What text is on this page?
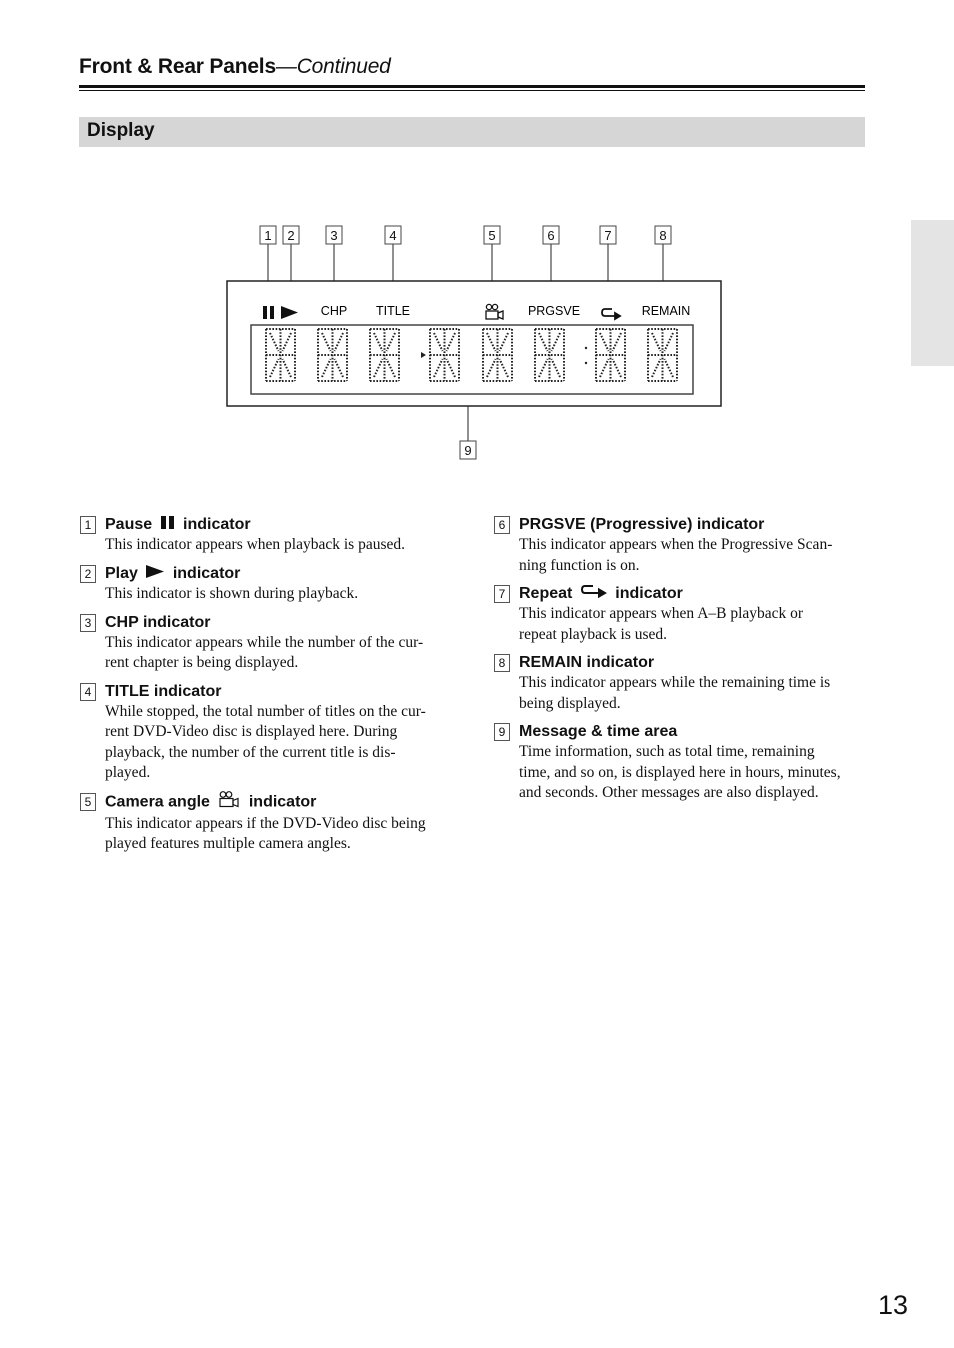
Front & Rear Panels—Continued
Display
1 2	3	4	5	6	7	8
9
CHP TITLE	PRGSVE	REMAIN
1 Pause indicator
This indicator appears when playback is paused.
2 Play indicator
This indicator is shown during playback.
3 CHP indicator
This indicator appears while the number of the cur-
rent chapter is being displayed.
4 TITLE indicator
While stopped, the total number of titles on the cur-
rent DVD-Video disc is displayed here. During
playback, the number of the current title is dis-
played.
5 Camera angle indicator
This indicator appears if the DVD-Video disc being
played features multiple camera angles.
6 PRGSVE (Progressive) indicator
This indicator appears when the Progressive Scan-
ning function is on.
7 Repeat	indicator
This indicator appears when A–B playback or
repeat playback is used.
8 REMAIN indicator
This indicator appears while the remaining time is
being displayed.
9 Message & time area
Time information, such as total time, remaining
time, and so on, is displayed here in hours, minutes,
and seconds. Other messages are also displayed.
13
